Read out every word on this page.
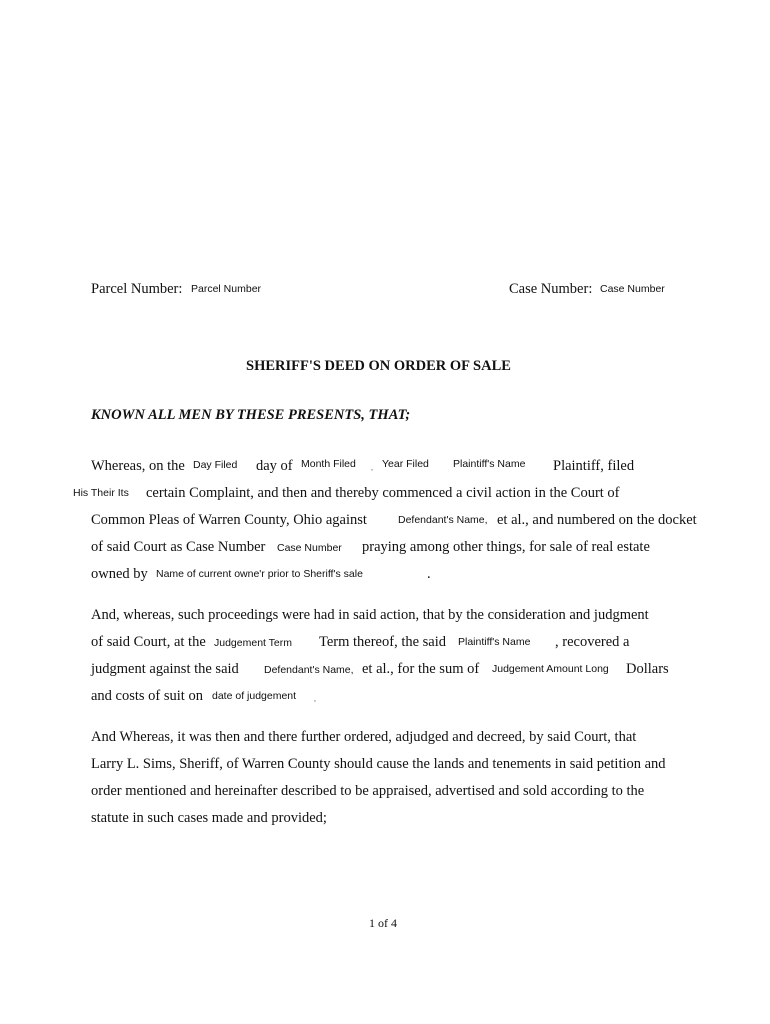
Parcel Number: Parcel Number	Case Number: Case Number
SHERIFF'S DEED ON ORDER OF SALE
KNOWN ALL MEN BY THESE PRESENTS, THAT;
Whereas, on the Day Filed day of Month Filed , Year Filed Plaintiff's Name Plaintiff, filed
His Their Its certain Complaint, and then and thereby commenced a civil action in the Court of
Common Pleas of Warren County, Ohio against	Defendant's Name, et al., and numbered on the docket
of said Court as Case Number Case Number praying among other things, for sale of real estate
owned by Name of current owne'r prior to Sheriff's sale	.
And, whereas, such proceedings were had in said action, that by the consideration and judgment
of said Court, at the Judgement Term Term thereof, the said Plaintiff's Name , recovered a
judgment against the said Defendant's Name, et al., for the sum of Judgement Amount Long Dollars
and costs of suit on date of judgement ,
And Whereas, it was then and there further ordered, adjudged and decreed, by said Court, that
Larry L. Sims, Sheriff, of Warren County should cause the lands and tenements in said petition and
order mentioned and hereinafter described to be appraised, advertised and sold according to the
statute in such cases made and provided;
1 of 4
